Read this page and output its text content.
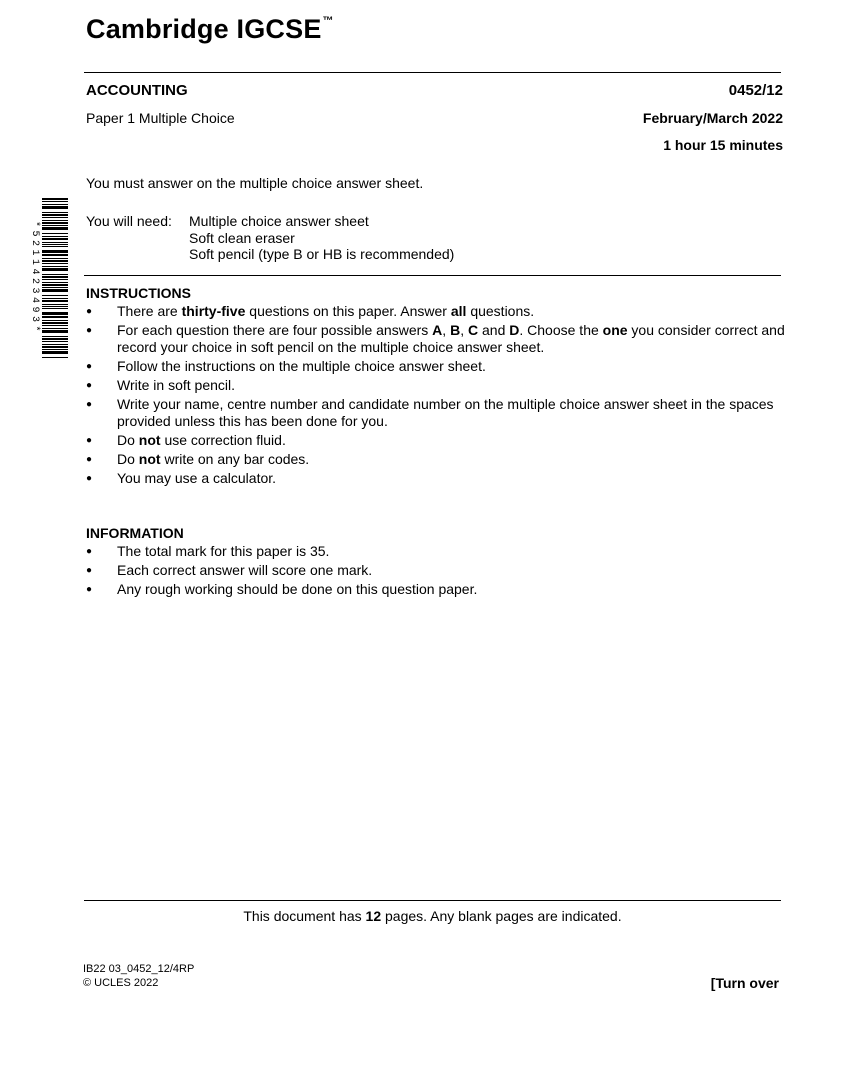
Cambridge IGCSE™
ACCOUNTING	0452/12
Paper 1 Multiple Choice	February/March 2022
1 hour 15 minutes
You must answer on the multiple choice answer sheet.
*5211423493*
You will need: Multiple choice answer sheet
Soft clean eraser
Soft pencil (type B or HB is recommended)
INSTRUCTIONS
● There are thirty-five questions on this paper. Answer all questions.
● For each question there are four possible answers A, B, C and D. Choose the one you consider correct and record your choice in soft pencil on the multiple choice answer sheet.
● Follow the instructions on the multiple choice answer sheet.
● Write in soft pencil.
● Write your name, centre number and candidate number on the multiple choice answer sheet in the spaces provided unless this has been done for you.
● Do not use correction fluid.
● Do not write on any bar codes.
● You may use a calculator.
INFORMATION
● The total mark for this paper is 35.
● Each correct answer will score one mark.
● Any rough working should be done on this question paper.
This document has 12 pages. Any blank pages are indicated.
IB22 03_0452_12/4RP
© UCLES 2022	[Turn over
